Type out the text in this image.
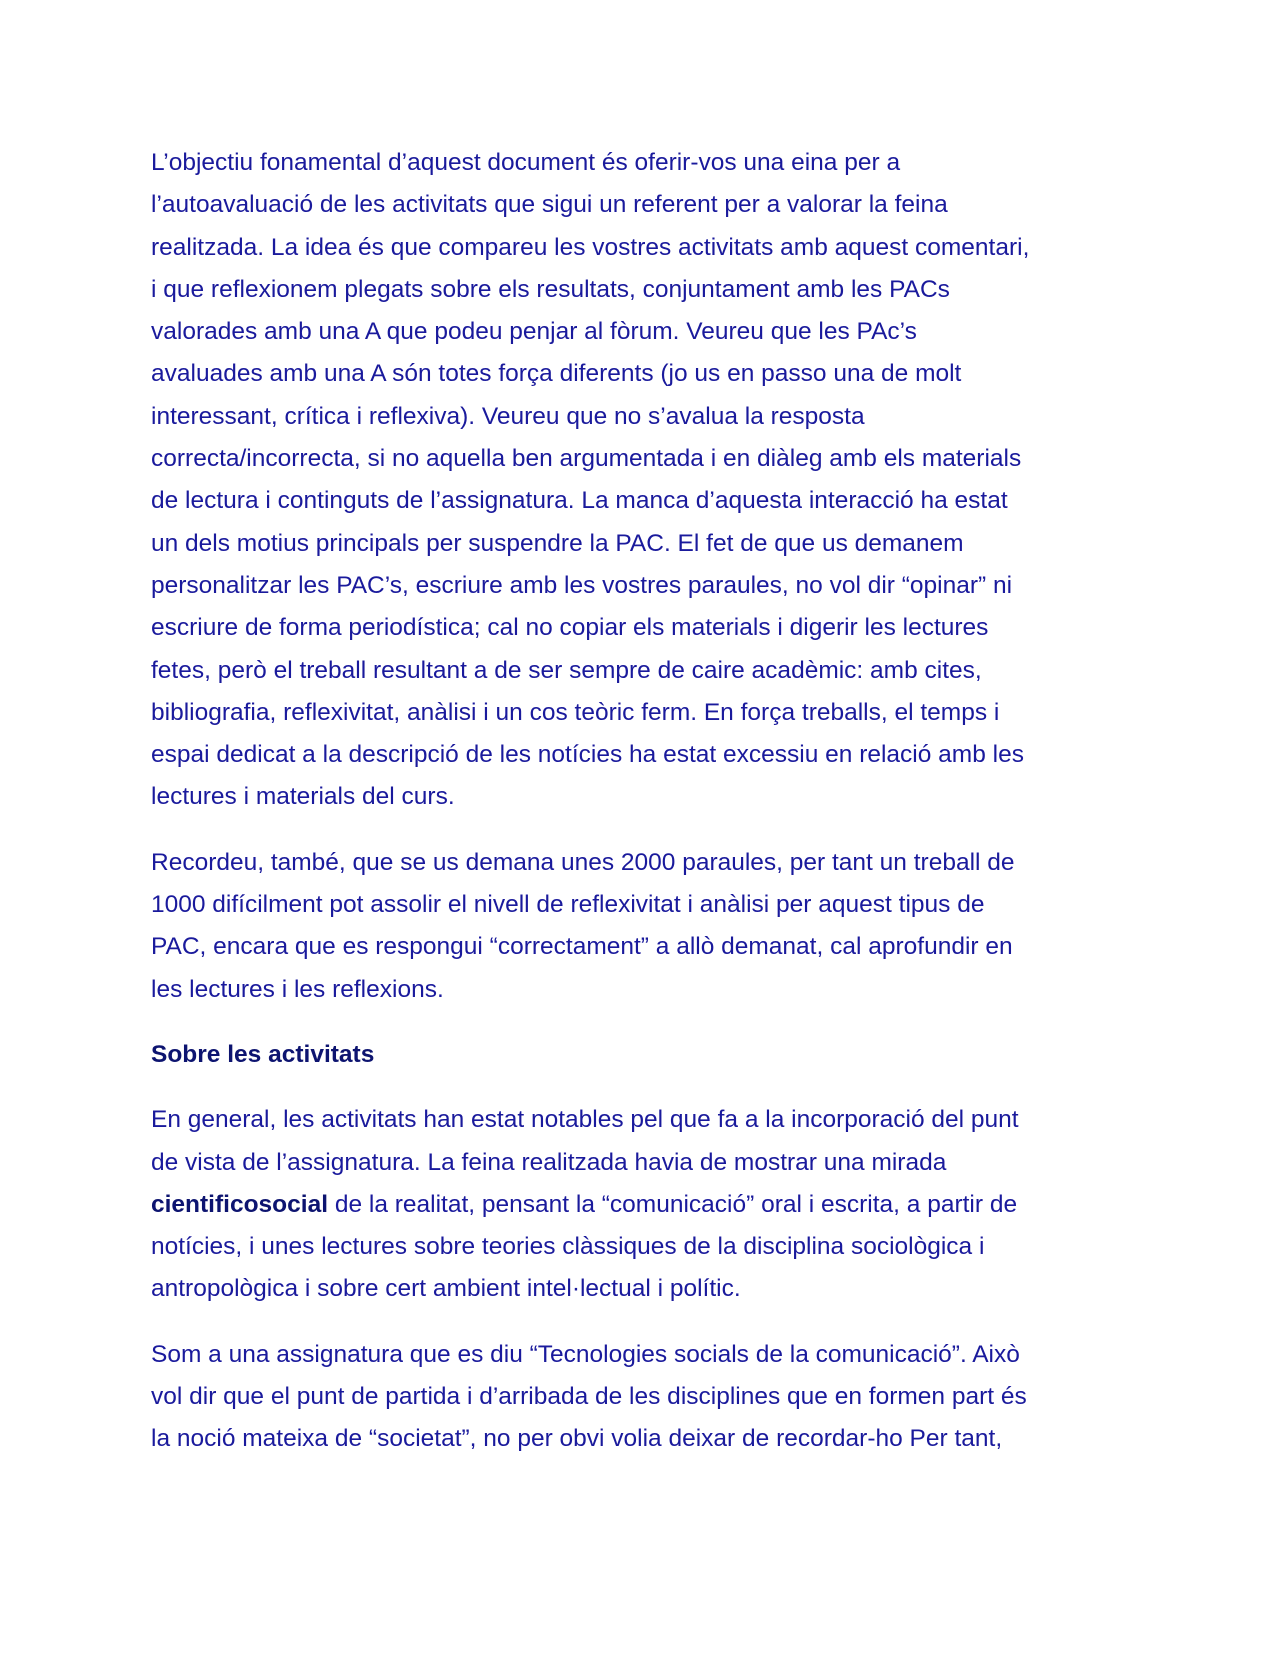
L’objectiu fonamental d’aquest document és oferir-vos una eina per a
l’autoavaluació de les activitats que sigui un referent per a valorar la feina
realitzada. La idea és que compareu les vostres activitats amb aquest comentari,
i que reflexionem plegats sobre els resultats, conjuntament amb les PACs
valorades amb una A que podeu penjar al fòrum. Veureu que les PAc’s
avaluades amb una A són totes força diferents (jo us en passo una de molt
interessant, crítica i reflexiva). Veureu que no s’avalua la resposta
correcta/incorrecta, si no aquella ben argumentada i en diàleg amb els materials
de lectura i continguts de l’assignatura. La manca d’aquesta interacció ha estat
un dels motius principals per suspendre la PAC. El fet de que us demanem
personalitzar les PAC’s, escriure amb les vostres paraules, no vol dir “opinar” ni
escriure de forma periodística; cal no copiar els materials i digerir les lectures
fetes, però el treball resultant a de ser sempre de caire acadèmic: amb cites,
bibliografia, reflexivitat, anàlisi i un cos teòric ferm. En força treballs, el temps i
espai dedicat a la descripció de les notícies ha estat excessiu en relació amb les
lectures i materials del curs.

Recordeu, també, que se us demana unes 2000 paraules, per tant un treball de
1000 difícilment pot assolir el nivell de reflexivitat i anàlisi per aquest tipus de
PAC, encara que es respongui “correctament” a allò demanat, cal aprofundir en
les lectures i les reflexions.

Sobre les activitats

En general, les activitats han estat notables pel que fa a la incorporació del punt
de vista de l’assignatura. La feina realitzada havia de mostrar una mirada
cientificosocial de la realitat, pensant la “comunicació” oral i escrita, a partir de
notícies, i unes lectures sobre teories clàssiques de la disciplina sociològica i
antropològica i sobre cert ambient intel·lectual i polític.

Som a una assignatura que es diu “Tecnologies socials de la comunicació”. Això
vol dir que el punt de partida i d’arribada de les disciplines que en formen part és
la noció mateixa de “societat”, no per obvi volia deixar de recordar-ho Per tant,
